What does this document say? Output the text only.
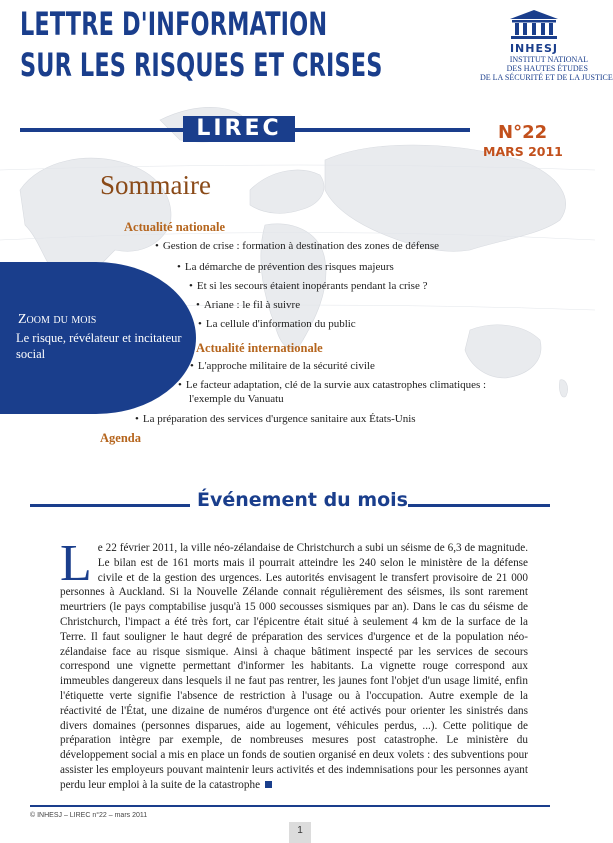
LETTRE D'INFORMATION
SUR LES RISQUES ET CRISES
LIREC
INHESJ
INSTITUT NATIONAL
DES HAUTES ÉTUDES
DE LA SÉCURITÉ ET DE LA JUSTICE
N°22
MARS 2011
Sommaire
Zoom du mois
Le risque, révélateur et incitateur social
Actualité nationale
• Gestion de crise : formation à destination des zones de défense
• La démarche de prévention des risques majeurs
• Et si les secours étaient inopérants pendant la crise ?
• Ariane : le fil à suivre
• La cellule d'information du public
Actualité internationale
• L'approche militaire de la sécurité civile
• Le facteur adaptation, clé de la survie aux catastrophes climatiques :
l'exemple du Vanuatu
• La préparation des services d'urgence sanitaire aux États-Unis
Agenda
Événement du mois
Le 22 février 2011, la ville néo-zélandaise de Christchurch a subi un séisme de 6,3 de magnitude. Le bilan est de 161 morts mais il pourrait atteindre les 240 selon le ministère de la défense civile et de la gestion des urgences. Les autorités envisagent le transfert provisoire de 21 000 personnes à Auckland. Si la Nouvelle Zélande connait régulièrement des séismes, ils sont rarement meurtriers (le pays comptabilise jusqu'à 15 000 secousses sismiques par an). Dans le cas du séisme de Christchurch, l'impact a été très fort, car l'épicentre était situé à seulement 4 km de la surface de la Terre. Il faut souligner le haut degré de préparation des services d'urgence et de la population néo-zélandaise face au risque sismique. Ainsi à chaque bâtiment inspecté par les services de secours correspond une vignette permettant d'informer les habitants. La vignette rouge correspond aux immeubles dangereux dans lesquels il ne faut pas rentrer, les jaunes font l'objet d'un usage limité, enfin l'étiquette verte signifie l'absence de restriction à l'usage ou à l'occupation. Autre exemple de la réactivité de l'État, une dizaine de numéros d'urgence ont été activés pour orienter les sinistrés dans divers domaines (personnes disparues, aide au logement, véhicules perdus, ...). Cette politique de préparation intègre par exemple, de nombreuses mesures post catastrophe. Le ministère du développement social a mis en place un fonds de soutien organisé en deux volets : des subventions pour assister les employeurs pouvant maintenir leurs activités et des indemnisations pour les personnes ayant perdu leur emploi à la suite de la catastrophe
© INHESJ – LIREC n°22 – mars 2011
1
